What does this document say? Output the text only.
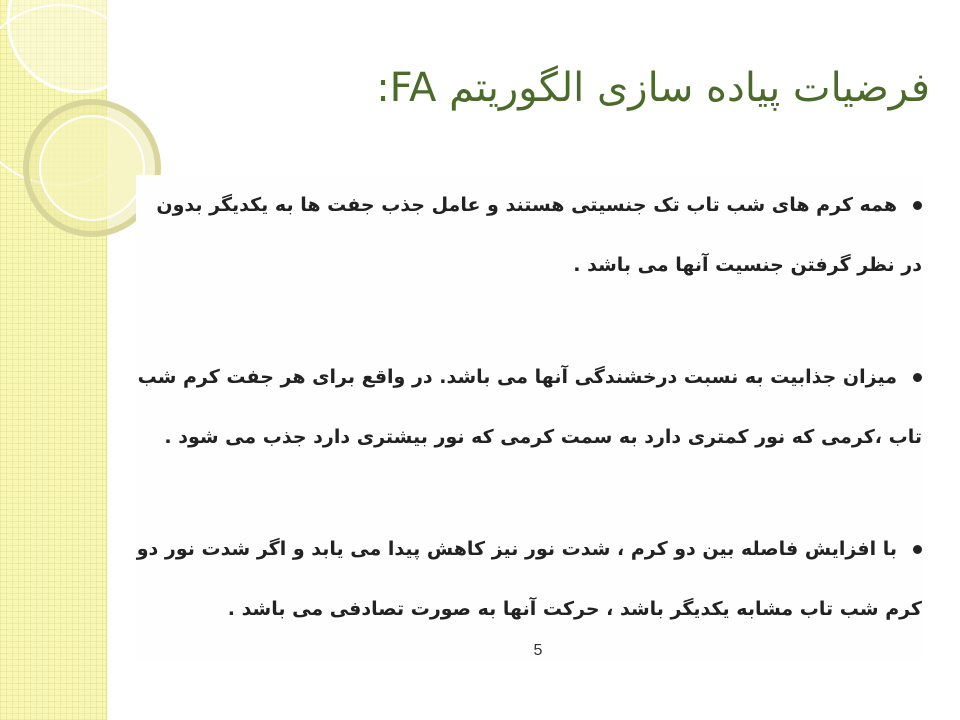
فرضیات پیاده سازی الگوریتم FA:
همه کرم های شب تاب تک جنسیتی هستند و عامل جذب جفت ها به یکدیگر بدون در نظر گرفتن جنسیت آنها می باشد .
میزان جذابیت به نسبت درخشندگی آنها می باشد. در واقع برای هر جفت کرم شب تاب ،کرمی که نور کمتری دارد به سمت کرمی که نور بیشتری دارد جذب می شود .
با افزایش فاصله بین دو کرم ، شدت نور نیز کاهش پیدا می یابد و اگر شدت نور دو کرم شب تاب مشابه یکدیگر باشد ، حرکت آنها به صورت تصادفی می باشد .
5
